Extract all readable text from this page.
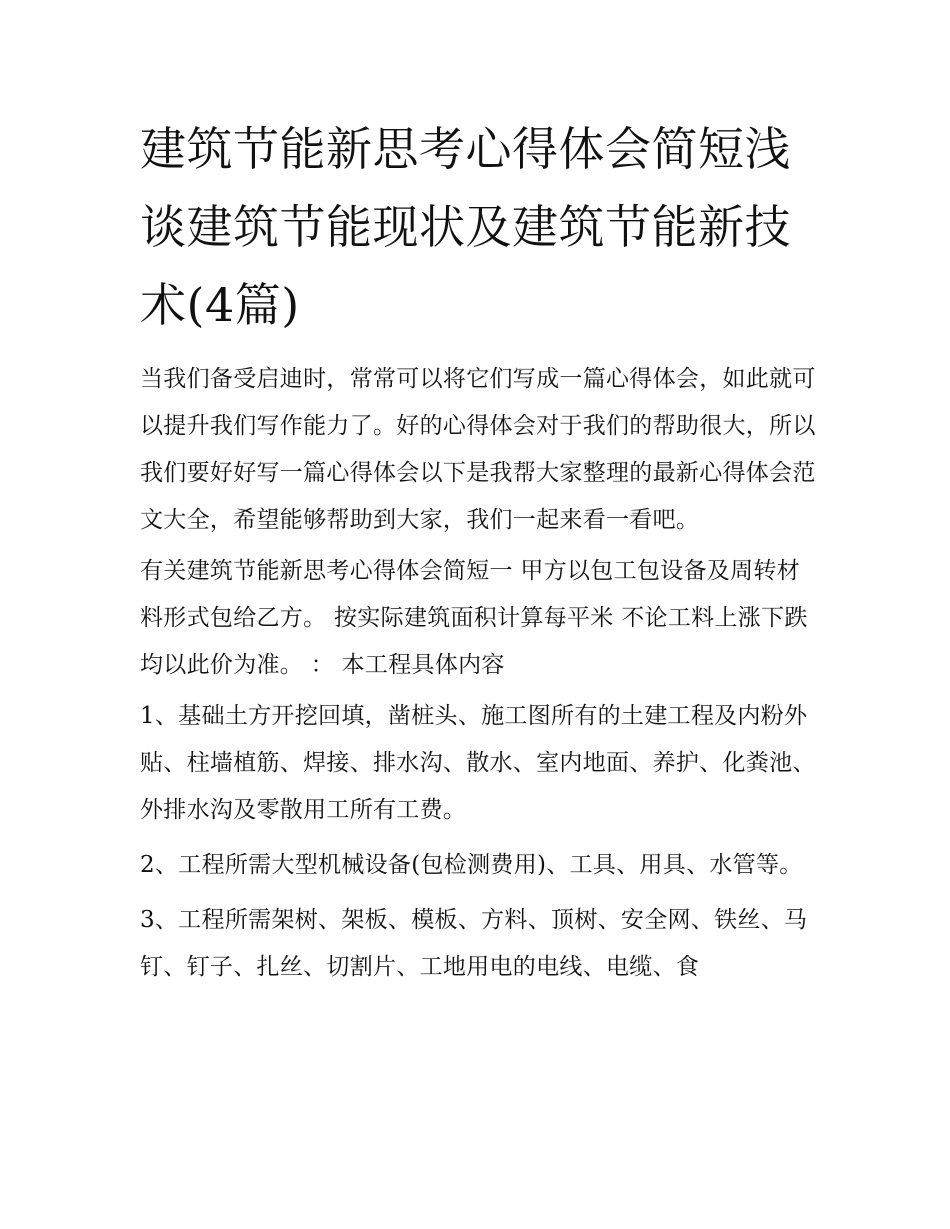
建筑节能新思考心得体会简短浅谈建筑节能现状及建筑节能新技术(4篇)

当我们备受启迪时，常常可以将它们写成一篇心得体会，如此就可以提升我们写作能力了。好的心得体会对于我们的帮助很大，所以我们要好好写一篇心得体会以下是我帮大家整理的最新心得体会范文大全，希望能够帮助到大家，我们一起来看一看吧。

有关建筑节能新思考心得体会简短一 甲方以包工包设备及周转材料形式包给乙方。 按实际建筑面积计算每平米 不论工料上涨下跌均以此价为准。 ： 本工程具体内容

1、基础土方开挖回填，凿桩头、施工图所有的土建工程及内粉外贴、柱墙植筋、焊接、排水沟、散水、室内地面、养护、化粪池、外排水沟及零散用工所有工费。

2、工程所需大型机械设备(包检测费用)、工具、用具、水管等。

3、工程所需架树、架板、模板、方料、顶树、安全网、铁丝、马钉、钉子、扎丝、切割片、工地用电的电线、电缆、食
